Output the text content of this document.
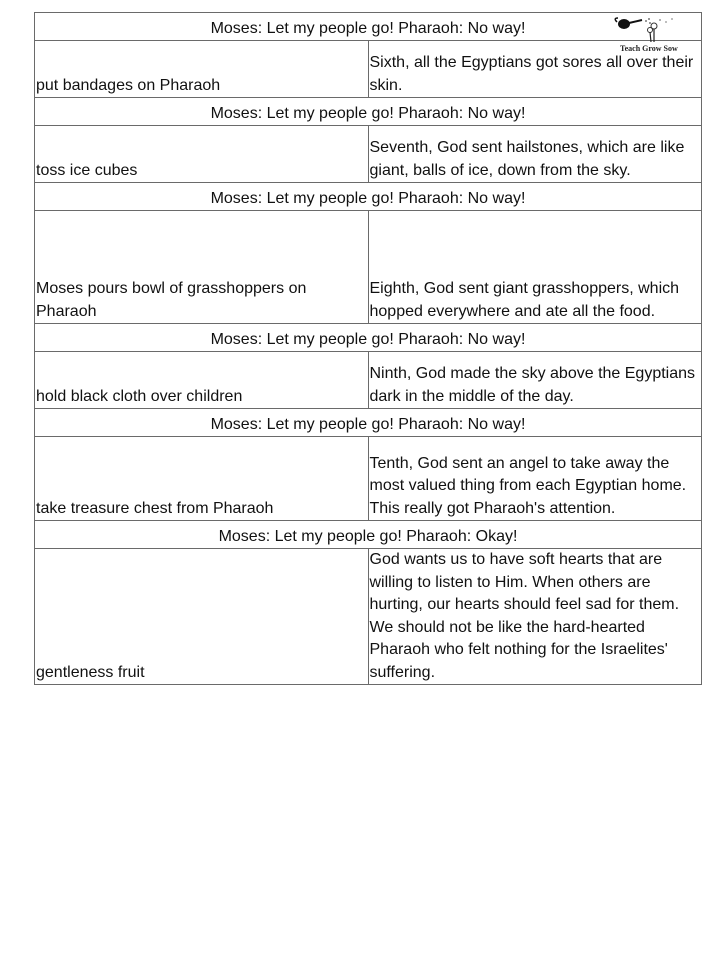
Moses: Let my people go! Pharaoh: No way!	
put bandages on Pharaoh	Sixth, all the Egyptians got sores all over their skin.
Moses: Let my people go! Pharaoh: No way!	
toss ice cubes	Seventh, God sent hailstones, which are like giant, balls of ice, down from the sky.
Moses: Let my people go! Pharaoh: No way!	
Moses pours bowl of grasshoppers on Pharaoh	Eighth, God sent giant grasshoppers, which hopped everywhere and ate all the food.
Moses: Let my people go! Pharaoh: No way!	
hold black cloth over children	Ninth, God made the sky above the Egyptians dark in the middle of the day.
Moses: Let my people go! Pharaoh: No way!	
take treasure chest from Pharaoh	Tenth, God sent an angel to take away the most valued thing from each Egyptian home. This really got Pharaoh's attention.
Moses: Let my people go! Pharaoh: Okay!	
gentleness fruit	God wants us to have soft hearts that are willing to listen to Him. When others are hurting, our hearts should feel sad for them. We should not be like the hard-hearted Pharaoh who felt nothing for the Israelites' suffering.
Teach Grow Sow
